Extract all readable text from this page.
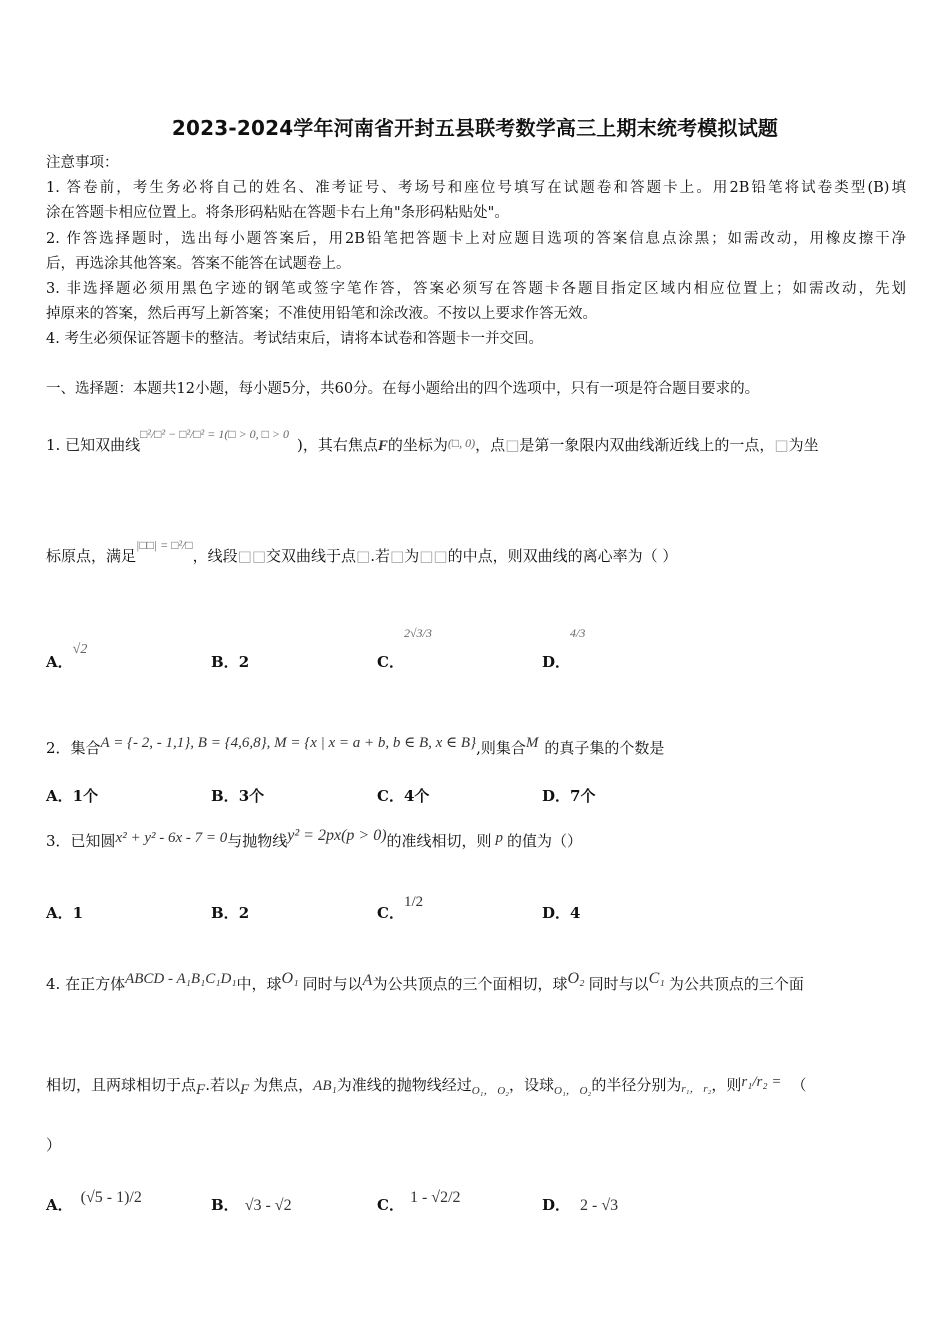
2023-2024学年河南省开封五县联考数学高三上期末统考模拟试题
注意事项：
1. 答卷前，考生务必将自己的姓名、准考证号、考场号和座位号填写在试题卷和答题卡上。用2B铅笔将试卷类型(B)填
涂在答题卡相应位置上。将条形码粘贴在答题卡右上角"条形码粘贴处"。
2. 作答选择题时，选出每小题答案后，用2B铅笔把答题卡上对应题目选项的答案信息点涂黑；如需改动，用橡皮擦干净
后，再选涂其他答案。答案不能答在试题卷上。
3. 非选择题必须用黑色字迹的钢笔或签字笔作答，答案必须写在答题卡各题目指定区域内相应位置上；如需改动，先划
掉原来的答案，然后再写上新答案；不准使用铅笔和涂改液。不按以上要求作答无效。
4. 考生必须保证答题卡的整洁。考试结束后，请将本试卷和答题卡一并交回。
一、选择题：本题共12小题，每小题5分，共60分。在每小题给出的四个选项中，只有一项是符合题目要求的。
1. 已知双曲线$^{□^2/□^2 - □^2/□^2 = 1(□ > 0, □ > 0}$)，其右焦点F的坐标为$^{(□, 0)}$，点□是第一象限内双曲线渐近线上的一点，□为坐
标原点，满足$^{|□□| = □^2/□}$，线段□□交双曲线于点□.若□为□□的中点，则双曲线的离心率为（ ）
A．√2
B．2	C．$^{2√3/3}$
D．$^{4/3}$
2．集合A = {- 2, - 1,1}, B = {4,6,8}, M = {x | x = a + b, b ∈ B, x ∈ B},则集合M 的真子集的个数是
A．1个	B．3个	C．4个	D．7个
3．已知圆x² + y² - 6x - 7 = 0与抛物线y² = 2px(p > 0)的准线相切，则 p 的值为（）
A．1	B．2	C．1/2
D．4
4. 在正方体ABCD - A₁B₁C₁D₁中，球O₁ 同时与以A为公共顶点的三个面相切，球O₂ 同时与以C₁ 为公共顶点的三个面
相切，且两球相切于点F.若以F 为焦点，AB₁为准线的抛物线经过$_{O_1, O_2}$，设球$_{O_1, O_2}$的半径分别为r₁， r₂，则r₁/r₂ = （
）
A． (√5 - 1)/2	B． √3 - √2	C． 1 - √2/2	D． 2 - √3
